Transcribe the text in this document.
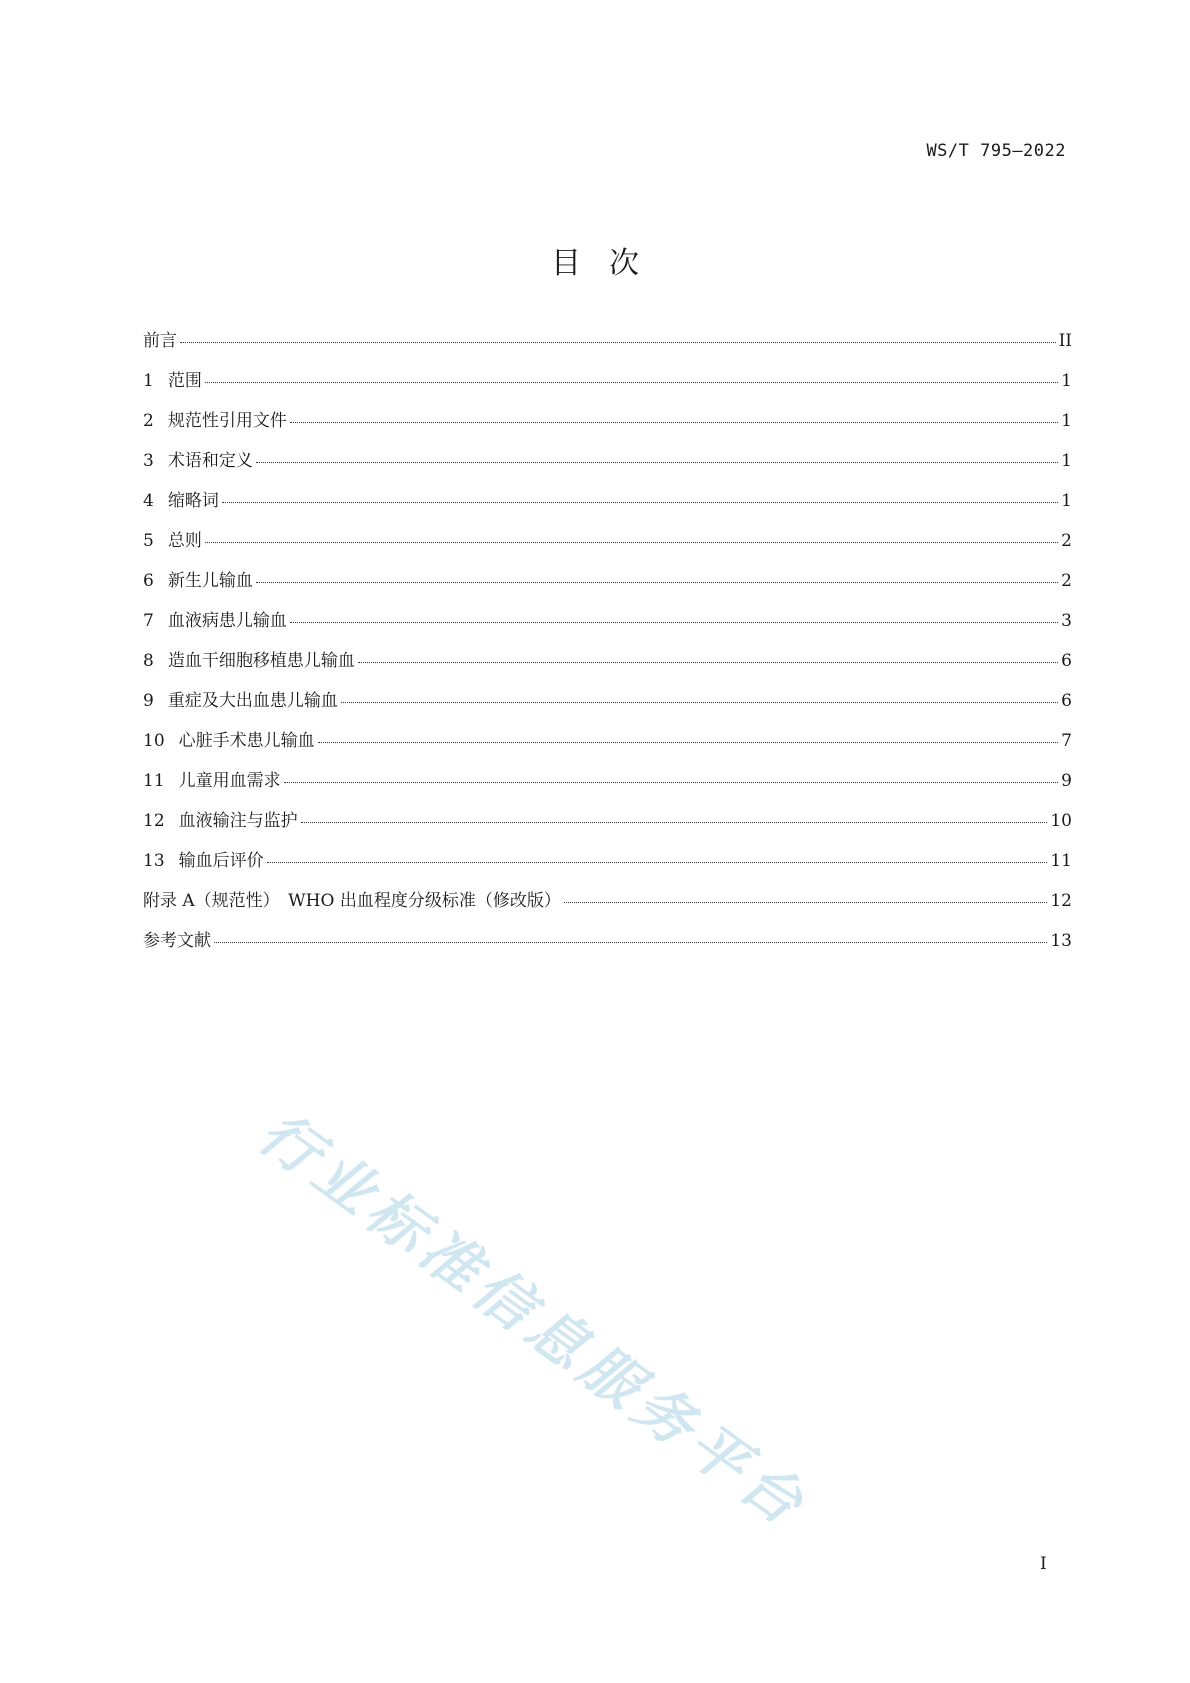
WS/T 795—2022
目次
前言	II
1 范围	1
2 规范性引用文件	1
3 术语和定义	1
4 缩略词	1
5 总则	2
6 新生儿输血	2
7 血液病患儿输血	3
8 造血干细胞移植患儿输血	6
9 重症及大出血患儿输血	6
10 心脏手术患儿输血	7
11 儿童用血需求	9
12 血液输注与监护	10
13 输血后评价	11
附录 A（规范性）　WHO 出血程度分级标准（修改版）	12
参考文献	13
行业标准信息服务平台
I
